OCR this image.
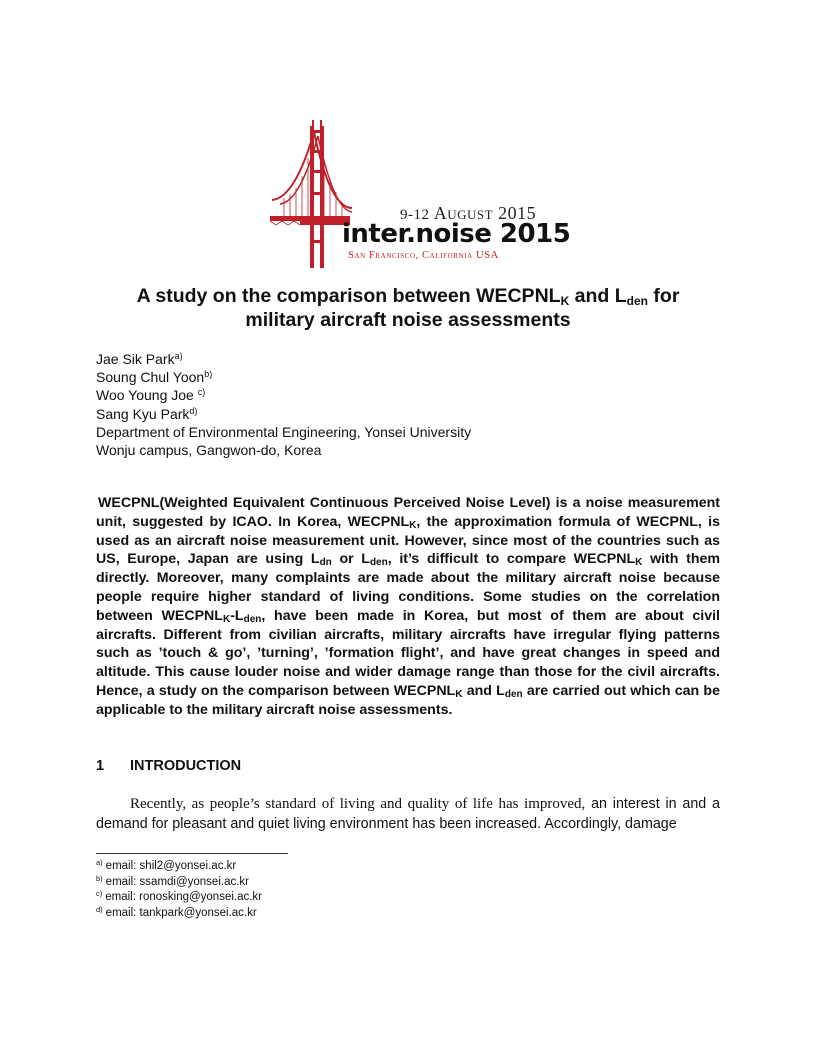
9-12 August 2015
inter.noise 2015
San Francisco, California USA
A study on the comparison between $WECPNL_K$ and $L_{den}$ for
military aircraft noise assessments
Jae Sik Park$^{a)}$
Soung Chul Yoon$^{b)}$
Woo Young Joe $^{c)}$
Sang Kyu Park$^{d)}$
Department of Environmental Engineering, Yonsei University
Wonju campus, Gangwon-do, Korea
WECPNL(Weighted Equivalent Continuous Perceived Noise Level) is a noise measurement unit, suggested by ICAO. In Korea, $WECPNL_K$, the approximation formula of WECPNL, is used as an aircraft noise measurement unit. However, since most of the countries such as US, Europe, Japan are using $L_{dn}$ or $L_{den}$, it’s difficult to compare $WECPNL_K$ with them directly. Moreover, many complaints are made about the military aircraft noise because people require higher standard of living conditions. Some studies on the correlation between $WECPNL_K-L_{den}$, have been made in Korea, but most of them are about civil aircrafts. Different from civilian aircrafts, military aircrafts have irregular flying patterns such as ’touch & go’, ’turning’, ’formation flight’, and have great changes in speed and altitude. This cause louder noise and wider damage range than those for the civil aircrafts. Hence, a study on the comparison between $WECPNL_K$ and $L_{den}$ are carried out which can be applicable to the military aircraft noise assessments.
1 INTRODUCTION
Recently, as people’s standard of living and quality of life has improved, an interest in and a demand for pleasant and quiet living environment has been increased. Accordingly, damage
$^{a)}$ email: shil2@yonsei.ac.kr
$^{b)}$ email: ssamdi@yonsei.ac.kr
$^{c)}$ email: ronosking@yonsei.ac.kr
$^{d)}$ email: tankpark@yonsei.ac.kr
